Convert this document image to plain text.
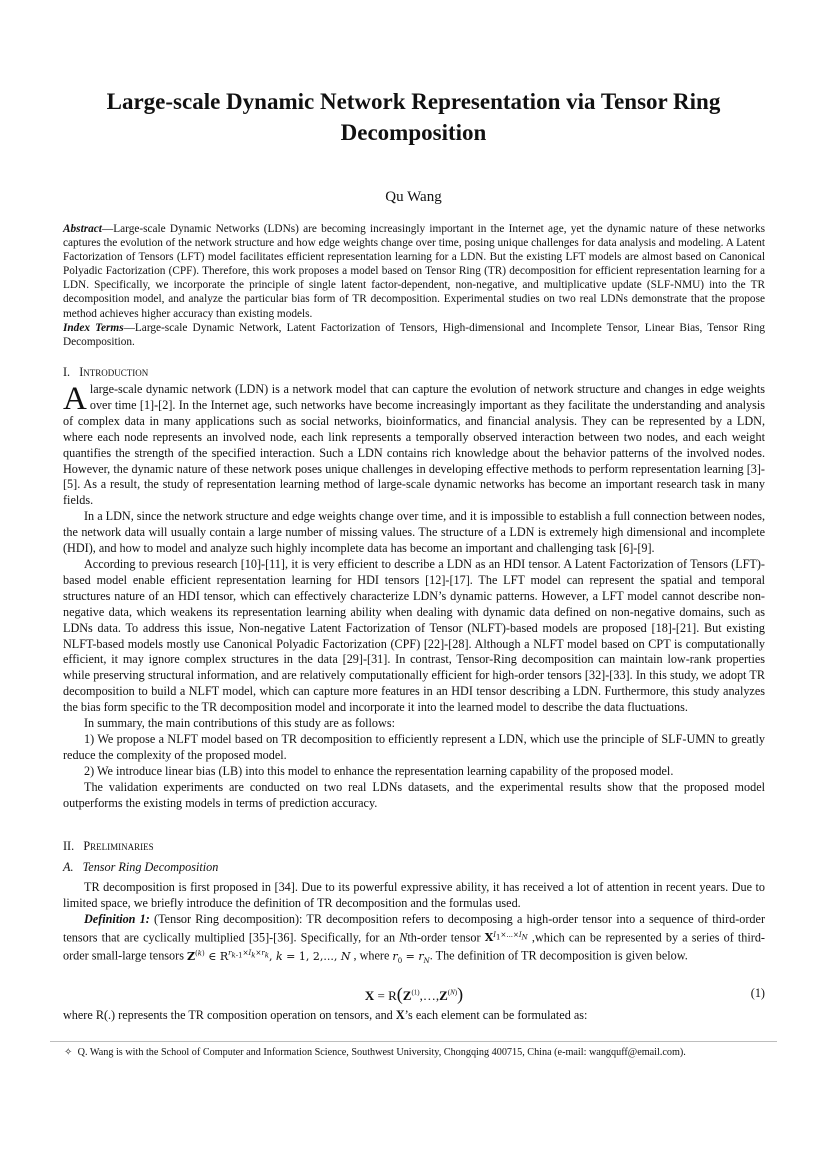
Large-scale Dynamic Network Representation via Tensor Ring Decomposition
Qu Wang

Abstract—Large-scale Dynamic Networks (LDNs) are becoming increasingly important in the Internet age, yet the dynamic nature of these networks captures the evolution of the network structure and how edge weights change over time, posing unique challenges for data analysis and modeling. A Latent Factorization of Tensors (LFT) model facilitates efficient representation learning for a LDN. But the existing LFT models are almost based on Canonical Polyadic Factorization (CPF). Therefore, this work proposes a model based on Tensor Ring (TR) decomposition for efficient representation learning for a LDN. Specifically, we incorporate the principle of single latent factor-dependent, non-negative, and multiplicative update (SLF-NMU) into the TR decomposition model, and analyze the particular bias form of TR decomposition. Experimental studies on two real LDNs demonstrate that the propose method achieves higher accuracy than existing models.

Index Terms—Large-scale Dynamic Network, Latent Factorization of Tensors, High-dimensional and Incomplete Tensor, Linear Bias, Tensor Ring Decomposition.

I. Introduction

Alarge-scale dynamic network (LDN) is a network model that can capture the evolution of network structure and changes in edge weights over time [1]-[2]. In the Internet age, such networks have become increasingly important as they facilitate the understanding and analysis of complex data in many applications such as social networks, bioinformatics, and financial analysis. They can be represented by a LDN, where each node represents an involved node, each link represents a temporally observed interaction between two nodes, and each weight quantifies the strength of the specified interaction. Such a LDN contains rich knowledge about the behavior patterns of the involved nodes. However, the dynamic nature of these network poses unique challenges in developing effective methods to perform representation learning [3]-[5]. As a result, the study of representation learning method of large-scale dynamic networks has become an important research task in many fields.

In a LDN, since the network structure and edge weights change over time, and it is impossible to establish a full connection between nodes, the network data will usually contain a large number of missing values. The structure of a LDN is extremely high dimensional and incomplete (HDI), and how to model and analyze such highly incomplete data has become an important and challenging task [6]-[9].

According to previous research [10]-[11], it is very efficient to describe a LDN as an HDI tensor. A Latent Factorization of Tensors (LFT)-based model enable efficient representation learning for HDI tensors [12]-[17]. The LFT model can represent the spatial and temporal structures nature of an HDI tensor, which can effectively characterize LDN’s dynamic patterns. However, a LFT model cannot describe non-negative data, which weakens its representation learning ability when dealing with dynamic data defined on non-negative domains, such as LDNs data. To address this issue, Non-negative Latent Factorization of Tensor (NLFT)-based models are proposed [18]-[21]. But existing NLFT-based models mostly use Canonical Polyadic Factorization (CPF) [22]-[28]. Although a NLFT model based on CPT is computationally efficient, it may ignore complex structures in the data [29]-[31]. In contrast, Tensor-Ring decomposition can maintain low-rank properties while preserving structural information, and are relatively computationally efficient for high-order tensors [32]-[33]. In this study, we adopt TR decomposition to build a NLFT model, which can capture more features in an HDI tensor describing a LDN. Furthermore, this study analyzes the bias form specific to the TR decomposition model and incorporate it into the learned model to describe the data fluctuations.

In summary, the main contributions of this study are as follows:

1) We propose a NLFT model based on TR decomposition to efficiently represent a LDN, which use the principle of SLF-UMN to greatly reduce the complexity of the proposed model.

2) We introduce linear bias (LB) into this model to enhance the representation learning capability of the proposed model.

The validation experiments are conducted on two real LDNs datasets, and the experimental results show that the proposed model outperforms the existing models in terms of prediction accuracy.

II. Preliminaries
A. Tensor Ring Decomposition

TR decomposition is first proposed in [34]. Due to its powerful expressive ability, it has received a lot of attention in recent years. Due to limited space, we briefly introduce the definition of TR decomposition and the formulas used.

Definition 1: (Tensor Ring decomposition): TR decomposition refers to decomposing a high-order tensor into a sequence of third-order tensors that are cyclically multiplied [35]-[36]. Specifically, for an Nth-order tensor $X^{I1\times...\times IN}$ ,which can be represented by a series of third-order small-large tensors $Z^{(k)}$ ∈ $R^{rk-1\times Ik\times rk}$, k = 1, 2,..., N , where $r_0 = r_N$. The definition of TR decomposition is given below.

$X = R(Z^{(1)},\dots,Z^{(N)})$	(1)

where R(.) represents the TR composition operation on tensors, and X’s each element can be formulated as:

✧ Q. Wang is with the School of Computer and Information Science, Southwest University, Chongqing 400715, China (e-mail: wangquff@email.com).
